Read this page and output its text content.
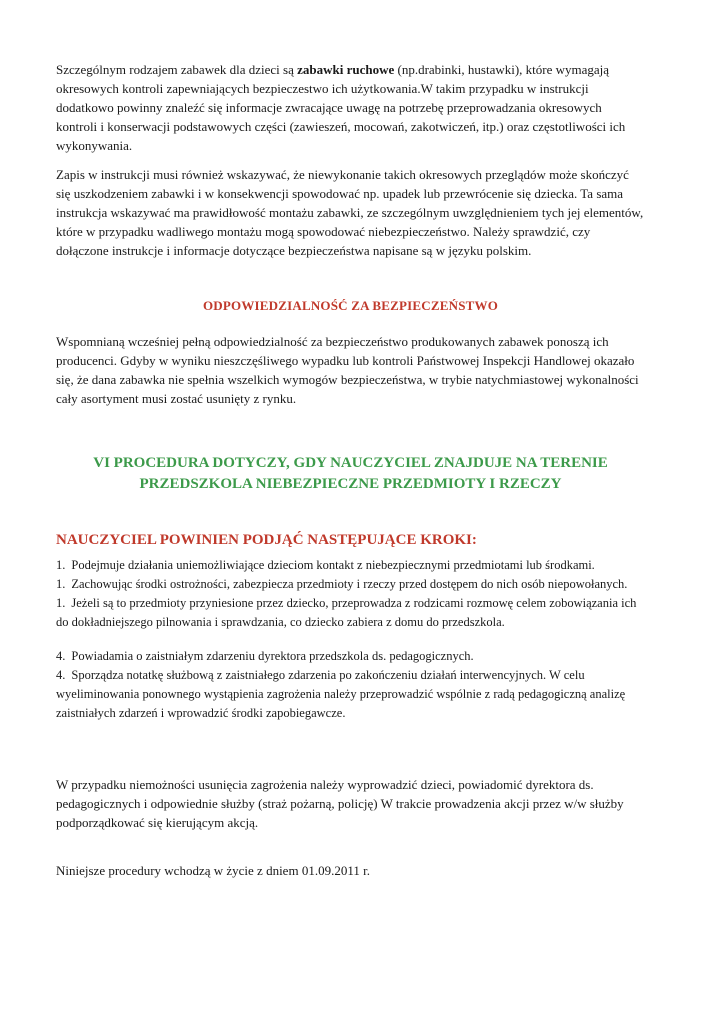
Szczególnym rodzajem zabawek dla dzieci są zabawki ruchowe (np.drabinki, hustawki), które wymagają okresowych kontroli zapewniających bezpieczestwo ich użytkowania.W takim przypadku w instrukcji dodatkowo powinny znaleźć się informacje zwracające uwagę na potrzebę przeprowadzania okresowych kontroli i konserwacji podstawowych części (zawieszeń, mocowań, zakotwiczeń, itp.) oraz częstotliwości ich wykonywania.
Zapis w instrukcji musi również wskazywać, że niewykonanie takich okresowych przeglądów może skończyć się uszkodzeniem zabawki i w konsekwencji spowodować np. upadek lub przewrócenie się dziecka. Ta sama instrukcja wskazywać ma prawidłowość montażu zabawki, ze szczególnym uwzględnieniem tych jej elementów, które w przypadku wadliwego montażu mogą spowodować niebezpieczeństwo. Należy sprawdzić, czy dołączone instrukcje i informacje dotyczące bezpieczeństwa napisane są w języku polskim.
ODPOWIEDZIALNOŚĆ ZA BEZPIECZEŃSTWO
Wspomnianą wcześniej pełną odpowiedzialność za bezpieczeństwo produkowanych zabawek ponoszą ich producenci. Gdyby w wyniku nieszczęśliwego wypadku lub kontroli Państwowej Inspekcji Handlowej okazało się, że dana zabawka nie spełnia wszelkich wymogów bezpieczeństwa, w trybie natychmiastowej wykonalności cały asortyment musi zostać usunięty z rynku.
VI PROCEDURA DOTYCZY, GDY NAUCZYCIEL ZNAJDUJE NA TERENIE
PRZEDSZKOLA NIEBEZPIECZNE PRZEDMIOTY I RZECZY
NAUCZYCIEL POWINIEN PODJĄĆ NASTĘPUJĄCE KROKI:
1. Podejmuje działania uniemożliwiające dzieciom kontakt z niebezpiecznymi przedmiotami lub środkami.
1. Zachowując środki ostrożności, zabezpiecza przedmioty i rzeczy przed dostępem do nich osób niepowołanych.
1. Jeżeli są to przedmioty przyniesione przez dziecko, przeprowadza z rodzicami rozmowę celem zobowiązania ich do dokładniejszego pilnowania i sprawdzania, co dziecko zabiera z domu do przedszkola.
4. Powiadamia o zaistniałym zdarzeniu dyrektora przedszkola ds. pedagogicznych.
4. Sporządza notatkę służbową z zaistniałego zdarzenia po zakończeniu działań interwencyjnych. W celu wyeliminowania ponownego wystąpienia zagrożenia należy przeprowadzić wspólnie z radą pedagogiczną analizę zaistniałych zdarzeń i wprowadzić środki zapobiegawcze.
W przypadku niemożności usunięcia zagrożenia należy wyprowadzić dzieci, powiadomić dyrektora ds. pedagogicznych i odpowiednie służby (straż pożarną, policję) W trakcie prowadzenia akcji przez w/w służby podporządkować się kierującym akcją.
Niniejsze procedury wchodzą w życie z dniem 01.09.2011 r.
